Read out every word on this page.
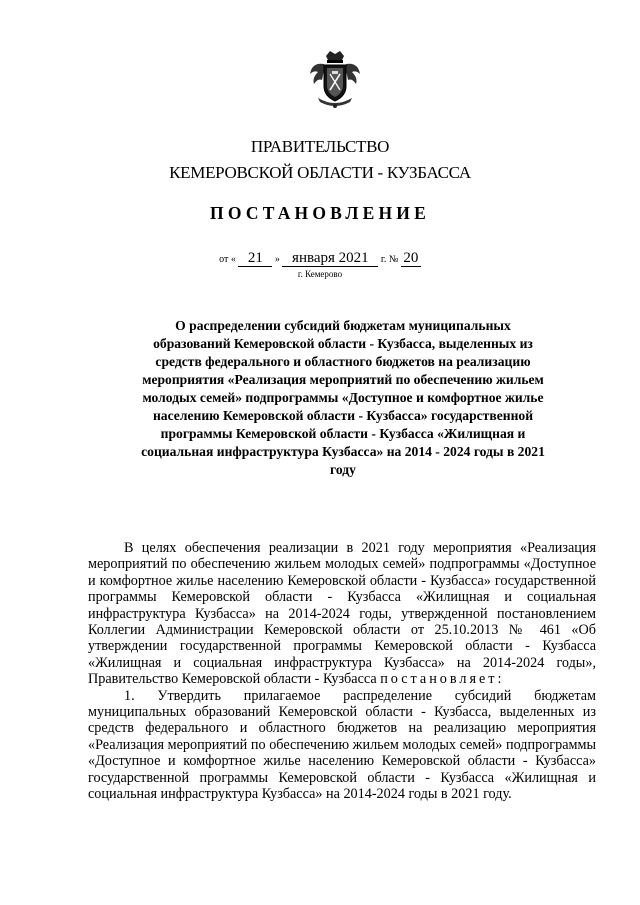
ПРАВИТЕЛЬСТВО
КЕМЕРОВСКОЙ ОБЛАСТИ - КУЗБАССА
ПОСТАНОВЛЕНИЕ
от « 21 » января 2021 г. № 20
г. Кемерово
О распределении субсидий бюджетам муниципальных образований Кемеровской области - Кузбасса, выделенных из средств федерального и областного бюджетов на реализацию мероприятия «Реализация мероприятий по обеспечению жильем молодых семей» подпрограммы «Доступное и комфортное жилье населению Кемеровской области - Кузбасса» государственной программы Кемеровской области - Кузбасса «Жилищная и социальная инфраструктура Кузбасса» на 2014 - 2024 годы в 2021 году

В целях обеспечения реализации в 2021 году мероприятия «Реализация мероприятий по обеспечению жильем молодых семей» подпрограммы «Доступное и комфортное жилье населению Кемеровской области - Кузбасса» государственной программы Кемеровской области - Кузбасса «Жилищная и социальная инфраструктура Кузбасса» на 2014-2024 годы, утвержденной постановлением Коллегии Администрации Кемеровской области от 25.10.2013 № 461 «Об утверждении государственной программы Кемеровской области - Кузбасса «Жилищная и социальная инфраструктура Кузбасса» на 2014-2024 годы», Правительство Кемеровской области - Кузбасса постановляет:

1. Утвердить прилагаемое распределение субсидий бюджетам муниципальных образований Кемеровской области - Кузбасса, выделенных из средств федерального и областного бюджетов на реализацию мероприятия «Реализация мероприятий по обеспечению жильем молодых семей» подпрограммы «Доступное и комфортное жилье населению Кемеровской области - Кузбасса» государственной программы Кемеровской области - Кузбасса «Жилищная и социальная инфраструктура Кузбасса» на 2014-2024 годы в 2021 году.
